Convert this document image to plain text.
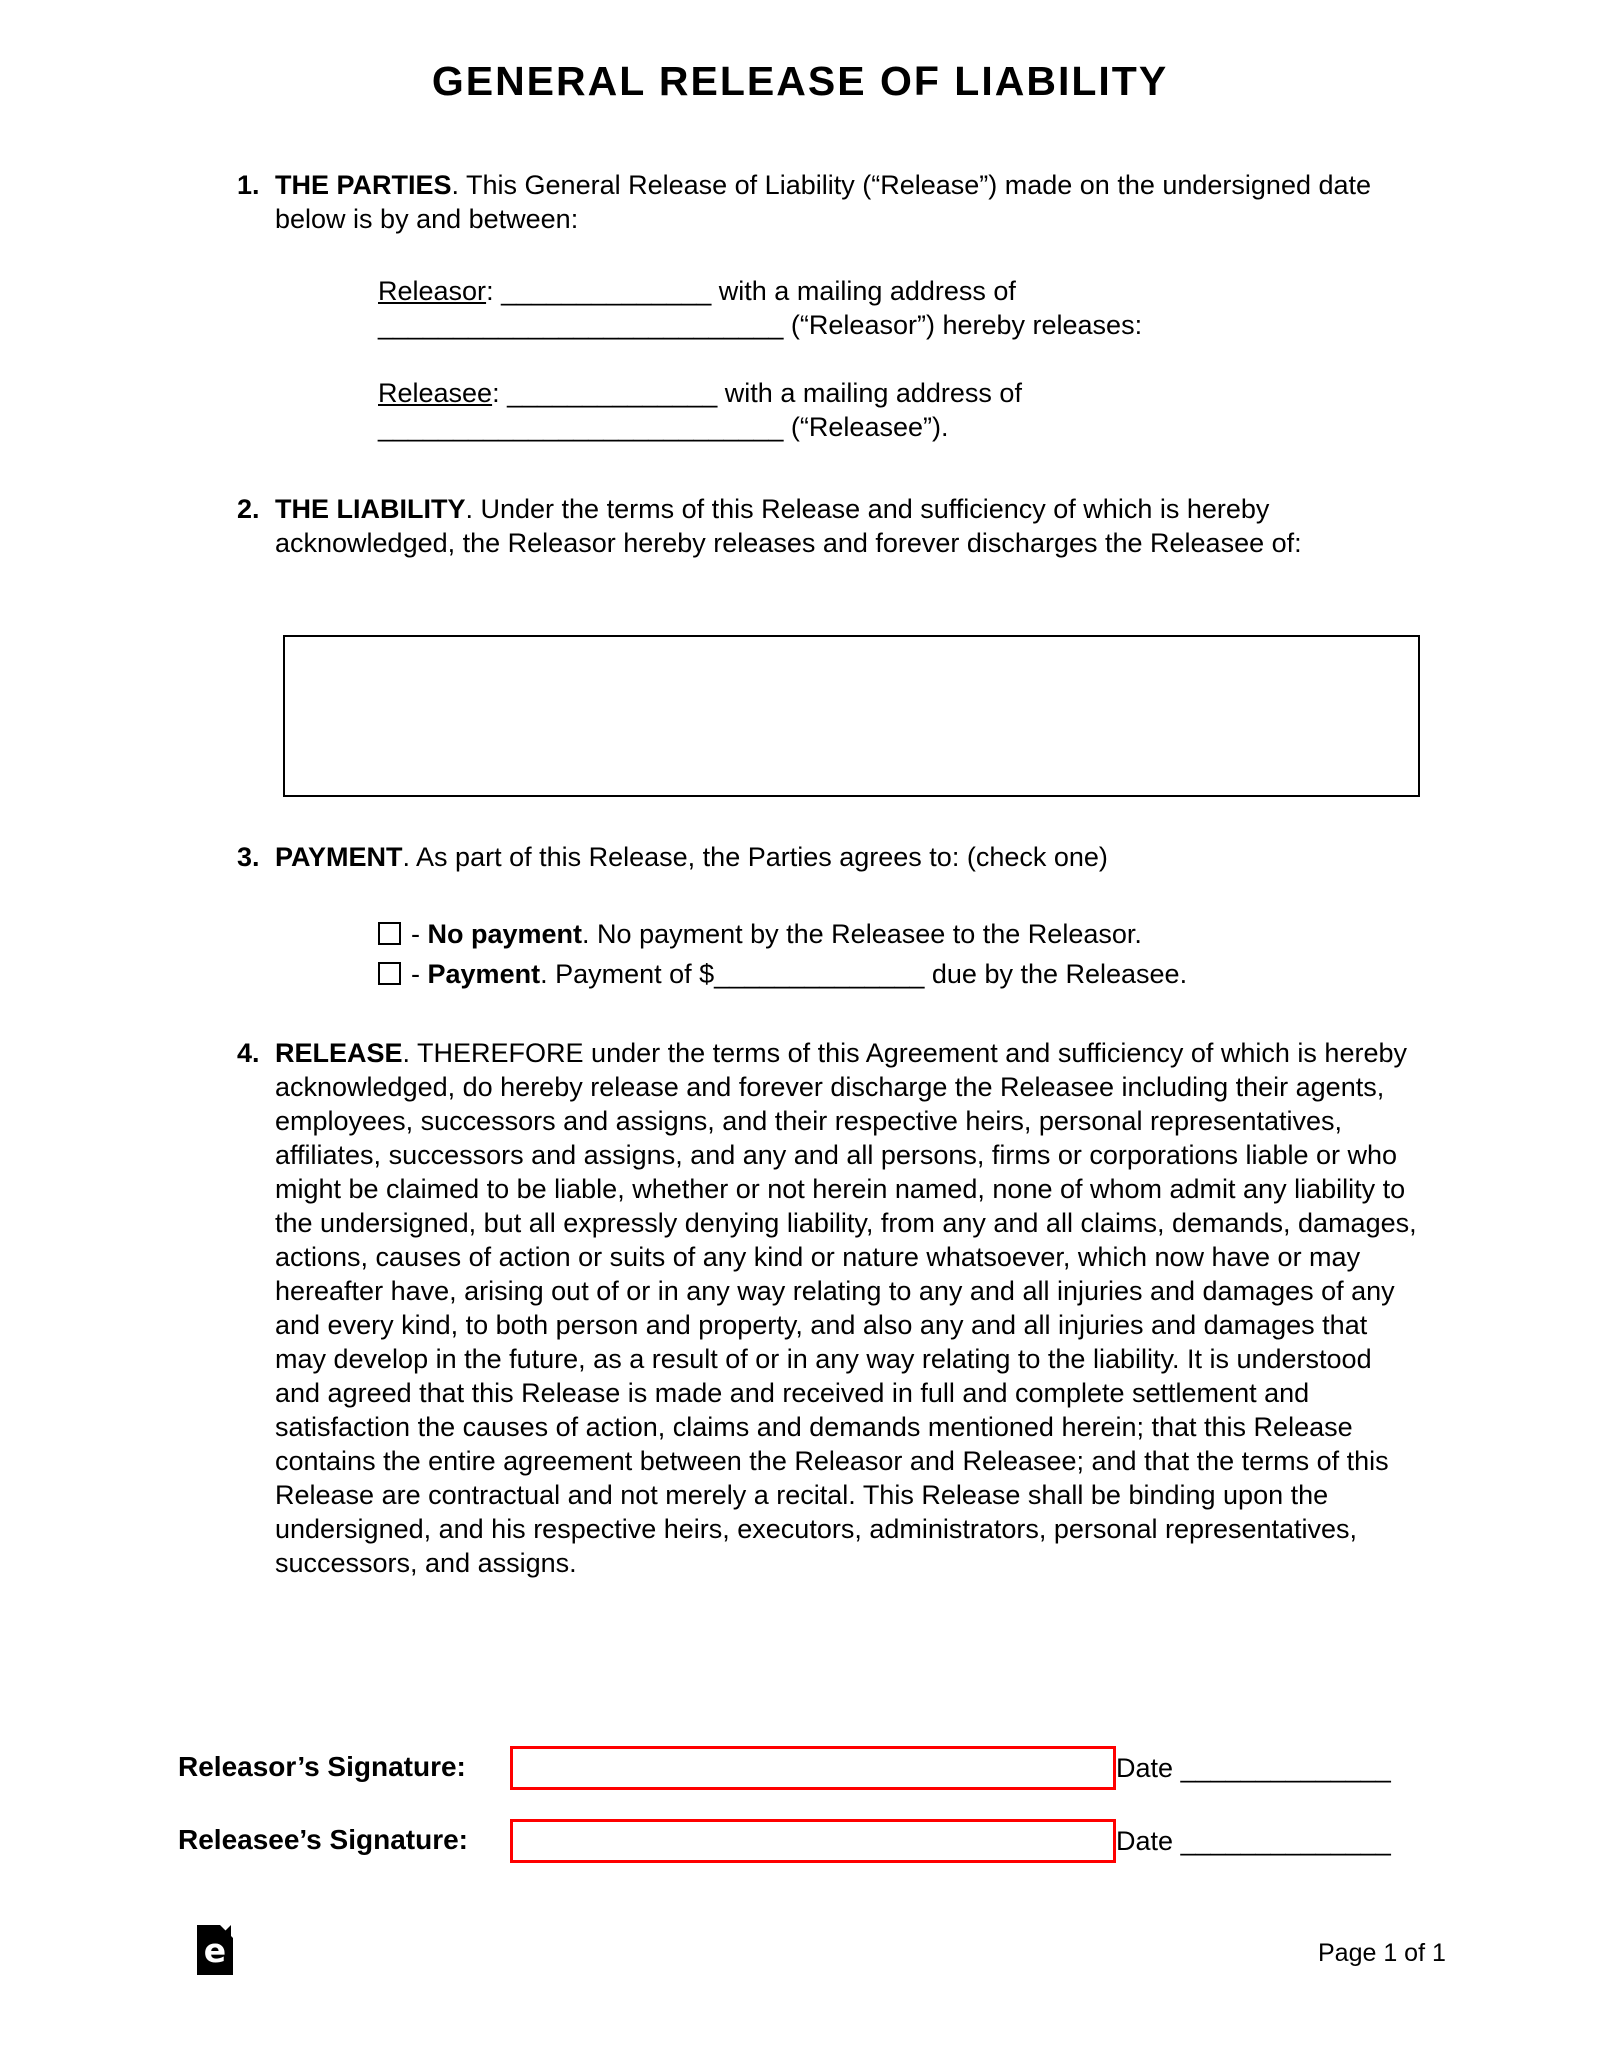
GENERAL RELEASE OF LIABILITY
1. THE PARTIES. This General Release of Liability (“Release”) made on the undersigned date below is by and between:
Releasor: ______________ with a mailing address of ___________________________ (“Releasor”) hereby releases:
Releasee: ______________ with a mailing address of ___________________________ (“Releasee”).
2. THE LIABILITY. Under the terms of this Release and sufficiency of which is hereby acknowledged, the Releasor hereby releases and forever discharges the Releasee of:
3. PAYMENT. As part of this Release, the Parties agrees to: (check one)
- No payment. No payment by the Releasee to the Releasor.
- Payment. Payment of $______________ due by the Releasee.
4. RELEASE. THEREFORE under the terms of this Agreement and sufficiency of which is hereby acknowledged, do hereby release and forever discharge the Releasee including their agents, employees, successors and assigns, and their respective heirs, personal representatives, affiliates, successors and assigns, and any and all persons, firms or corporations liable or who might be claimed to be liable, whether or not herein named, none of whom admit any liability to the undersigned, but all expressly denying liability, from any and all claims, demands, damages, actions, causes of action or suits of any kind or nature whatsoever, which now have or may hereafter have, arising out of or in any way relating to any and all injuries and damages of any and every kind, to both person and property, and also any and all injuries and damages that may develop in the future, as a result of or in any way relating to the liability. It is understood and agreed that this Release is made and received in full and complete settlement and satisfaction the causes of action, claims and demands mentioned herein; that this Release contains the entire agreement between the Releasor and Releasee; and that the terms of this Release are contractual and not merely a recital. This Release shall be binding upon the undersigned, and his respective heirs, executors, administrators, personal representatives, successors, and assigns.
Releasor’s Signature:	Date ______________
Releasee’s Signature:	Date ______________
e	Page 1 of 1
